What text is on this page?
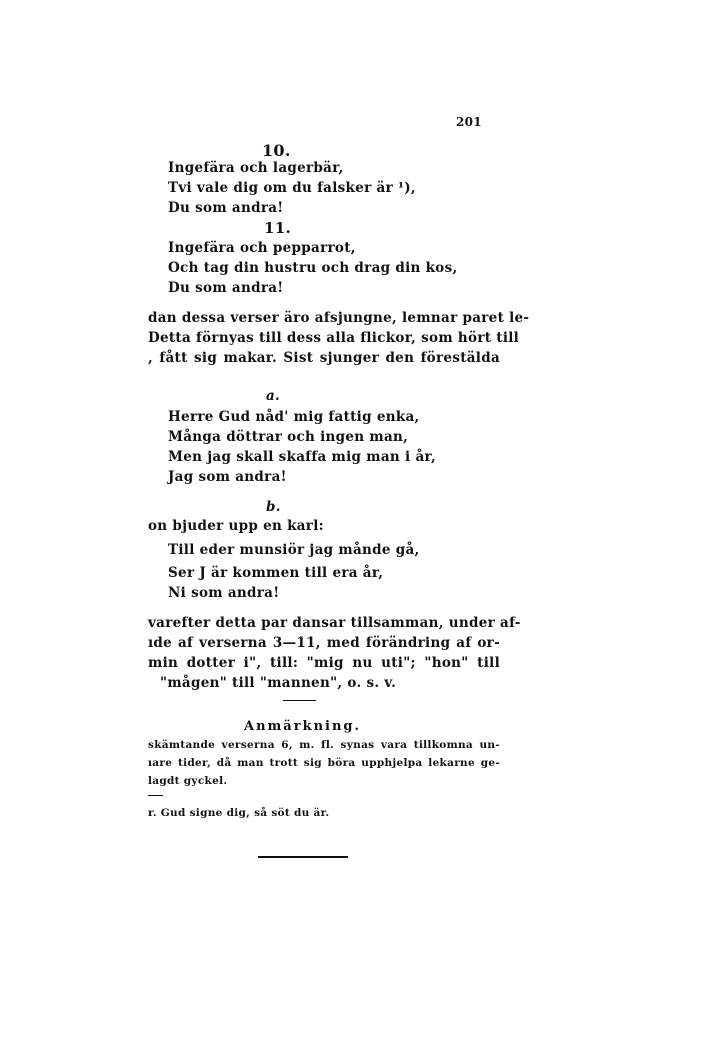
201
10.
Ingefära och lagerbär,
Tvi vale dig om du falsker är ¹),
Du som andra!
11.
Ingefära och pepparrot,
Och tag din hustru och drag din kos,
Du som andra!
dan dessa verser äro afsjungne, lemnar paret le-
Detta förnyas till dess alla flickor, som hört till
, fått sig makar. Sist sjunger den förestälda
a.
Herre Gud nåd' mig fattig enka,
Många döttrar och ingen man,
Men jag skall skaffa mig man i år,
Jag som andra!
b.
on bjuder upp en karl:
Till eder munsiör jag månde gå,
Ser J är kommen till era år,
Ni som andra!
varefter detta par dansar tillsamman, under af-
ıde af verserna 3—11, med förändring af or-
min dotter i", till: "mig nu uti"; "hon" till
"mågen" till "mannen", o. s. v.
Anmärkning.
skämtande verserna 6, m. fl. synas vara tillkomna un-
ıare tider, då man trott sig böra upphjelpa lekarne ge-
lagdt gyckel.
r. Gud signe dig, så söt du är.
